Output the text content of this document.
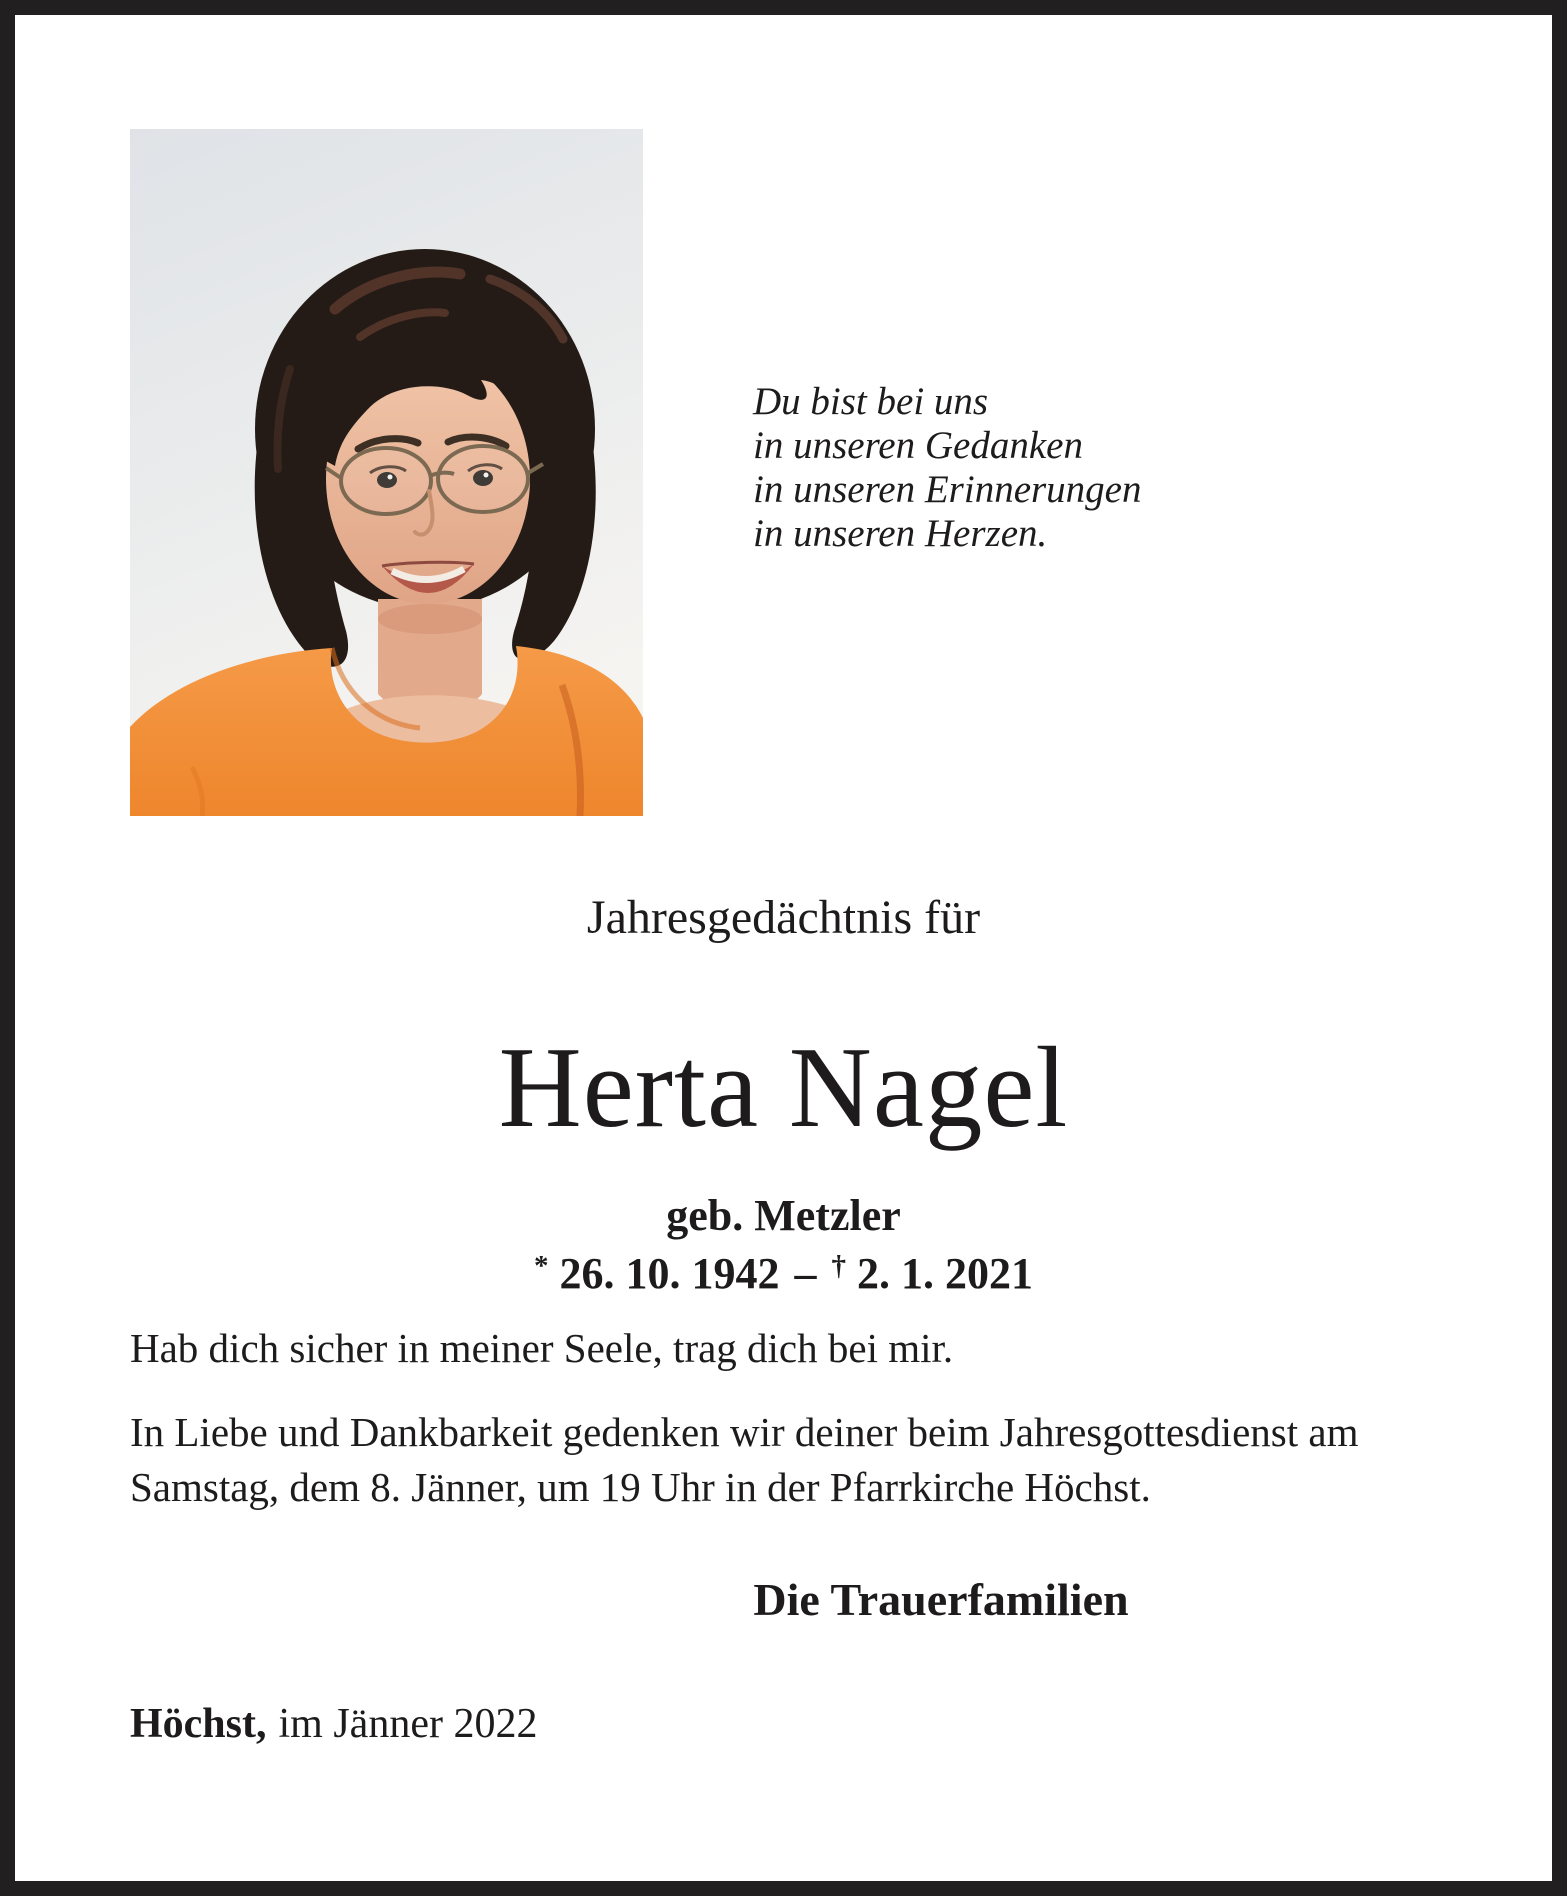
Du bist bei uns
in unseren Gedanken
in unseren Erinnerungen
in unseren Herzen.
Jahresgedächtnis für
Herta Nagel
geb. Metzler
* 26. 10. 1942 – † 2. 1. 2021
Hab dich sicher in meiner Seele, trag dich bei mir.
In Liebe und Dankbarkeit gedenken wir deiner beim Jahresgottesdienst am
Samstag, dem 8. Jänner, um 19 Uhr in der Pfarrkirche Höchst.
Die Trauerfamilien
Höchst, im Jänner 2022
